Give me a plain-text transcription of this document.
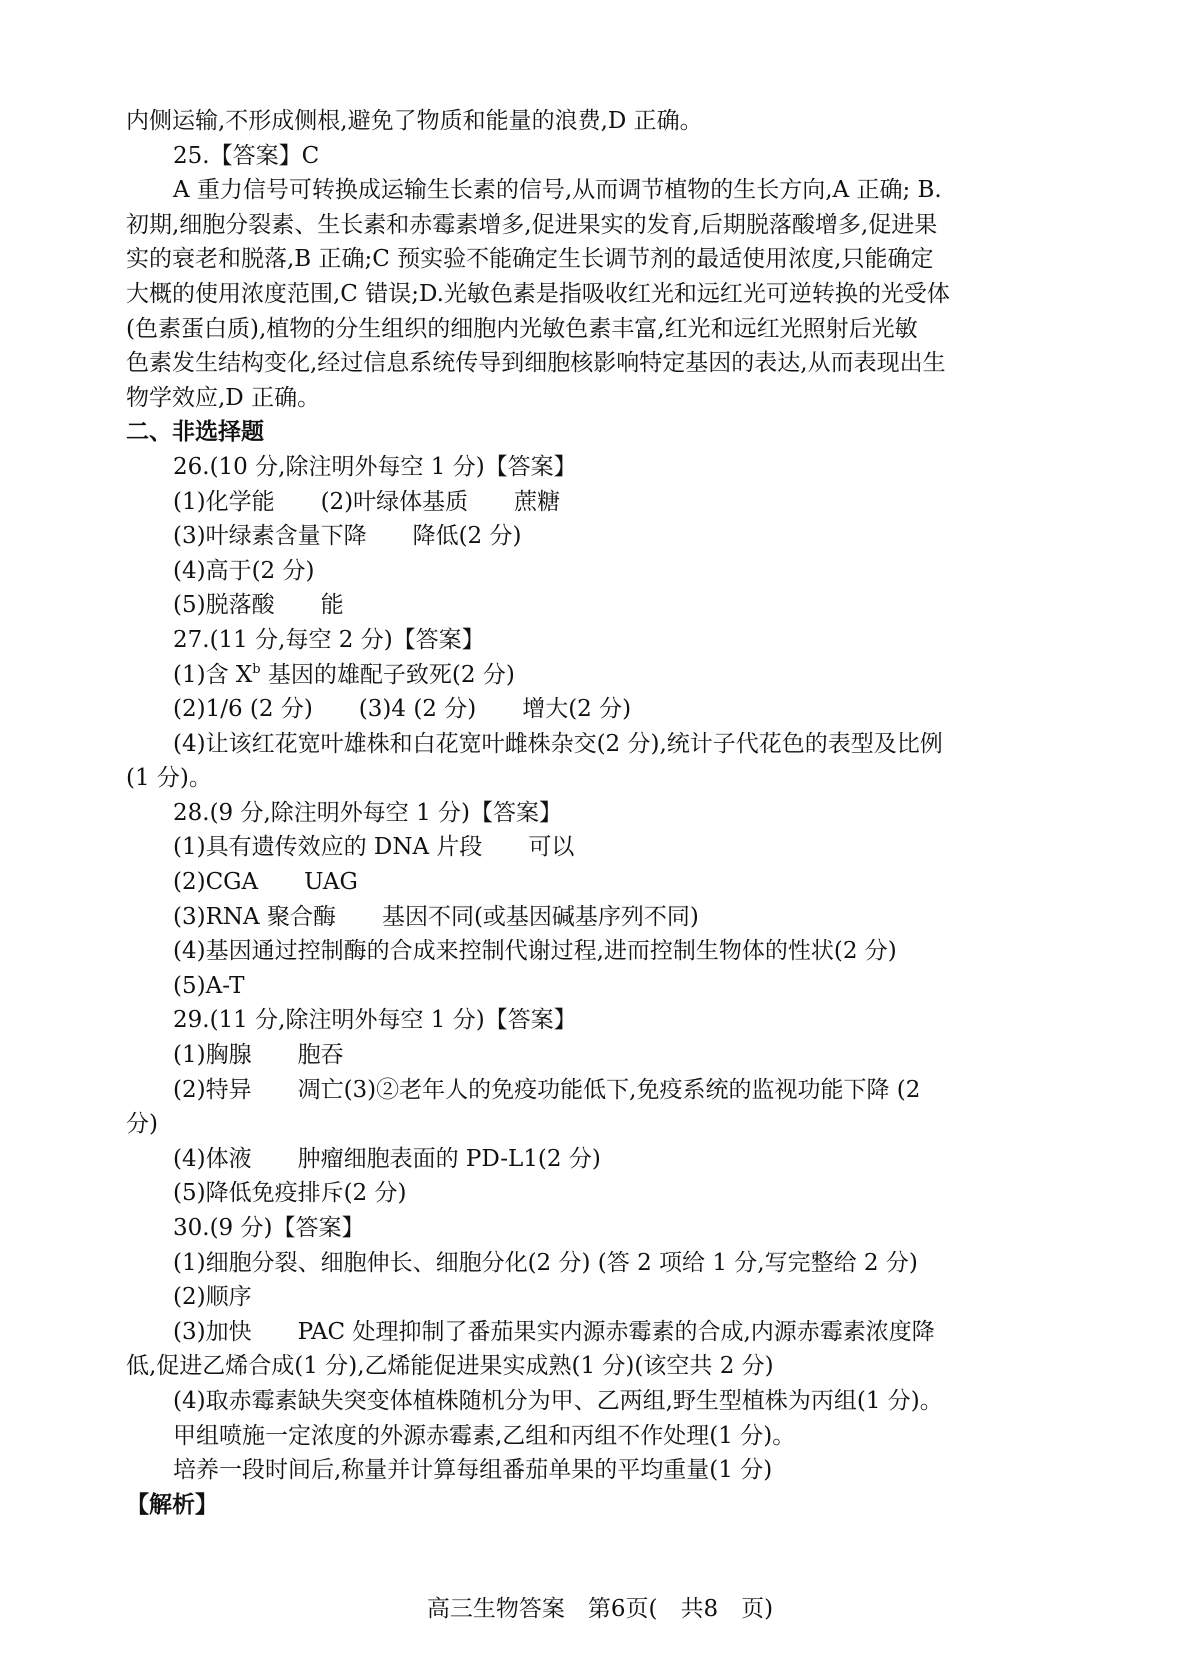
内侧运输,不形成侧根,避免了物质和能量的浪费,D 正确。
25.【答案】C
A 重力信号可转换成运输生长素的信号,从而调节植物的生长方向,A 正确; B.
初期,细胞分裂素、生长素和赤霉素增多,促进果实的发育,后期脱落酸增多,促进果
实的衰老和脱落,B 正确;C 预实验不能确定生长调节剂的最适使用浓度,只能确定
大概的使用浓度范围,C 错误;D.光敏色素是指吸收红光和远红光可逆转换的光受体
(色素蛋白质),植物的分生组织的细胞内光敏色素丰富,红光和远红光照射后光敏
色素发生结构变化,经过信息系统传导到细胞核影响特定基因的表达,从而表现出生
物学效应,D 正确。
二、非选择题
26.(10 分,除注明外每空 1 分)【答案】
(1)化学能　　(2)叶绿体基质　　蔗糖
(3)叶绿素含量下降　　降低(2 分)
(4)高于(2 分)
(5)脱落酸　　能
27.(11 分,每空 2 分)【答案】
(1)含 $X^b$ 基因的雄配子致死(2 分)
(2)1/6 (2 分)　　(3)4 (2 分)　　增大(2 分)
(4)让该红花宽叶雄株和白花宽叶雌株杂交(2 分),统计子代花色的表型及比例
(1 分)。
28.(9 分,除注明外每空 1 分)【答案】
(1)具有遗传效应的 DNA 片段　　可以
(2)CGA　　UAG
(3)RNA 聚合酶　　基因不同(或基因碱基序列不同)
(4)基因通过控制酶的合成来控制代谢过程,进而控制生物体的性状(2 分)
(5)A-T
29.(11 分,除注明外每空 1 分)【答案】
(1)胸腺　　胞吞
(2)特异　　凋亡(3)②老年人的免疫功能低下,免疫系统的监视功能下降 (2
分)
(4)体液　　肿瘤细胞表面的 PD-L1(2 分)
(5)降低免疫排斥(2 分)
30.(9 分)【答案】
(1)细胞分裂、细胞伸长、细胞分化(2 分) (答 2 项给 1 分,写完整给 2 分)
(2)顺序
(3)加快　　PAC 处理抑制了番茄果实内源赤霉素的合成,内源赤霉素浓度降
低,促进乙烯合成(1 分),乙烯能促进果实成熟(1 分)(该空共 2 分)
(4)取赤霉素缺失突变体植株随机分为甲、乙两组,野生型植株为丙组(1 分)。
甲组喷施一定浓度的外源赤霉素,乙组和丙组不作处理(1 分)。
培养一段时间后,称量并计算每组番茄单果的平均重量(1 分)
【解析】
高三生物答案　第6页(　共8　页)
